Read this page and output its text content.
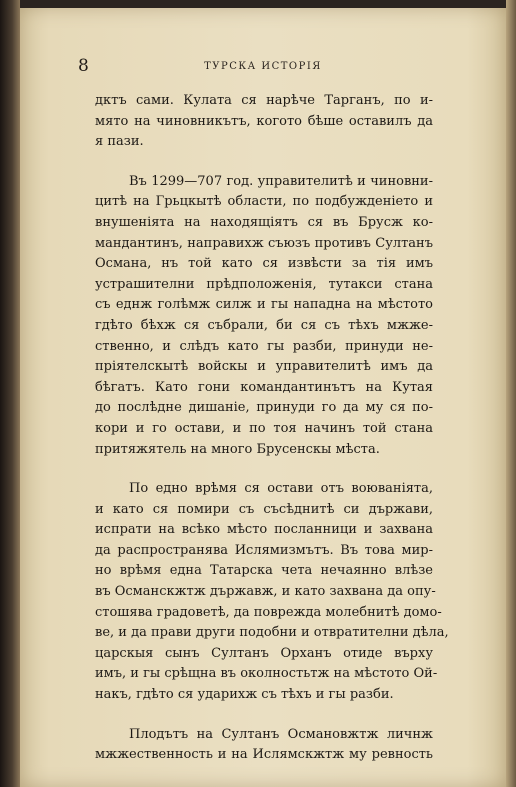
8	ТУРСКА ИСТОРІЯ
дктъ сами. Кулата ся нарѣче Тарганъ, по и-
мято на чиновникътъ, когото бѣше оставилъ да
я пази.
Въ 1299—707 год. управителитѣ и чиновни-
цитѣ на Грьцкытѣ области, по подбужденіето и
внушеніята на находящіятъ ся въ Брусж ко-
мандантинъ, направихж съюзъ противъ Султанъ
Османа, нъ той като ся извѣсти за тія имъ
устрашителни прѣдположенія, тутакси стана
съ еднж голѣмж силж и гы нападна на мѣстото
гдѣто бѣхж ся събрали, би ся съ тѣхъ мжже-
ственно, и слѣдъ като гы разби, принуди не-
пріятелскытѣ войскы и управителитѣ имъ да
бѣгатъ. Като гони командантинътъ на Кутая
до послѣдне дишаніе, принуди го да му ся по-
кори и го остави, и по тоя начинъ той стана
притяжятель на много Брусенскы мѣста.
По едно врѣмя ся остави отъ воюваніята,
и като ся помири съ съсѣднитѣ си държави,
испрати на всѣко мѣсто посланници и захвана
да распространява Ислямизмътъ. Въ това мир-
но врѣмя една Татарска чета нечаянно влѣзе
въ Османскжтж държавж, и като захвана да опу-
стошява градоветѣ, да поврежда молебнитѣ домо-
ве, и да прави други подобни и отвратителни дѣла,
царскыя сынъ Султанъ Орханъ отиде върху
имъ, и гы срѣщна въ околностьтж на мѣстото Ой-
накъ, гдѣто ся ударихж съ тѣхъ и гы разби.
Плодътъ на Султанъ Османовжтж личнж
мжжественность и на Ислямскжтж му ревность
